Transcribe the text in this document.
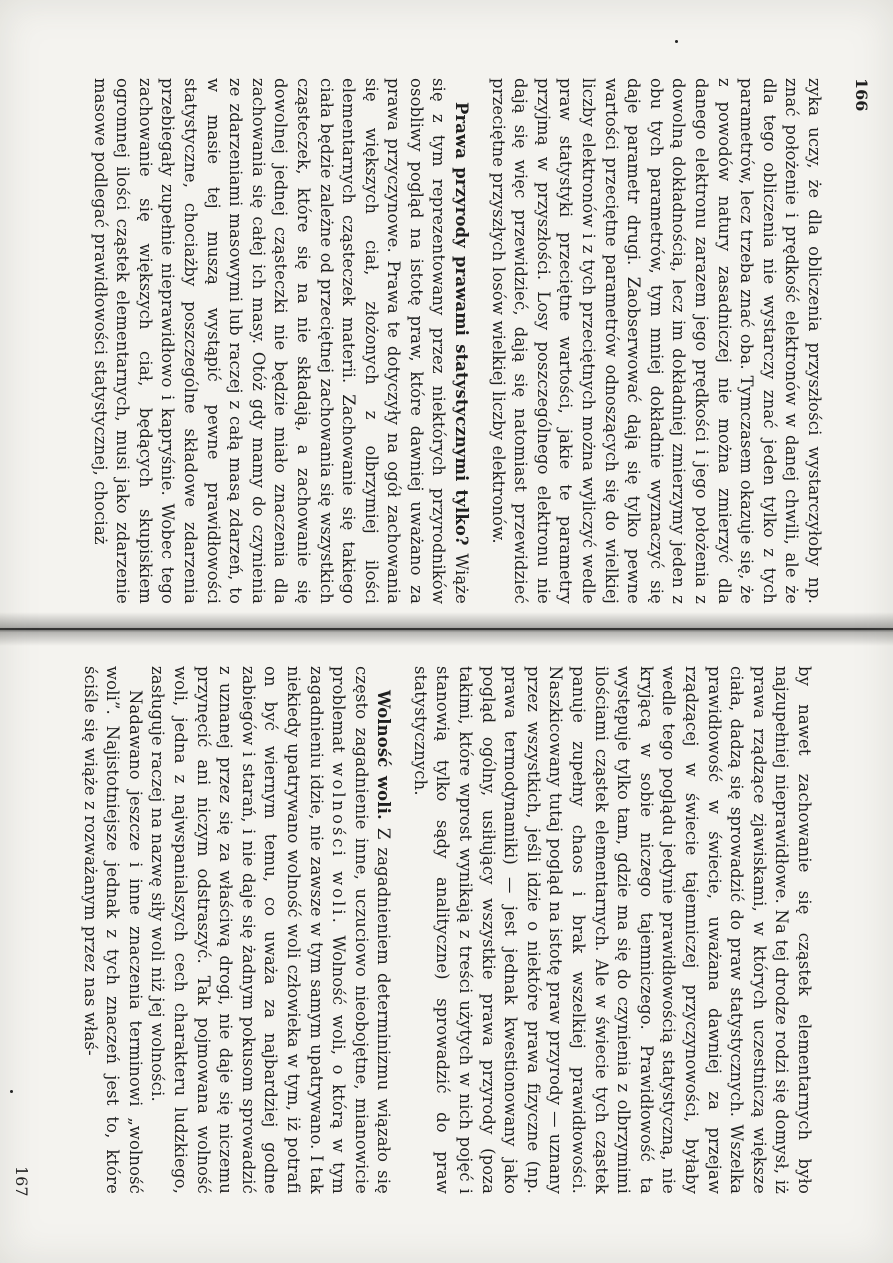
166

zyka uczy, że dla obliczenia przyszłości wystarczyłoby np. znać położenie i prędkość elektronów w danej chwili, ale że dla tego obliczenia nie wystarczy znać jeden tylko z tych parametrów, lecz trzeba znać oba. Tymczasem okazuje się, że z powodów natury zasadniczej nie można zmierzyć dla danego elektronu zarazem jego prędkości i jego położenia z dowolną dokładnością, lecz im dokładniej zmierzymy jeden z obu tych parametrów, tym mniej dokładnie wyznaczyć się daje parametr drugi. Zaobserwować dają się tylko pewne wartości przeciętne parametrów odnoszących się do wielkiej liczby elektronów i z tych przeciętnych można wyliczyć wedle praw statystyki przeciętne wartości, jakie te parametry przyjmą w przyszłości. Losy poszczególnego elektronu nie dają się więc przewidzieć, dają się natomiast przewidzieć przeciętne przyszłych losów wielkiej liczby elektronów.

Prawa przyrody prawami statystycznymi tylko? Wiąże się z tym reprezentowany przez niektórych przyrodników osobliwy pogląd na istotę praw, które dawniej uważano za prawa przyczynowe. Prawa te dotyczyły na ogół zachowania się większych ciał, złożonych z olbrzymiej ilości elementarnych cząsteczek materii. Zachowanie się takiego ciała będzie zależne od przeciętnej zachowania się wszystkich cząsteczek, które się na nie składają, a zachowanie się dowolnej jednej cząsteczki nie będzie miało znaczenia dla zachowania się całej ich masy. Otóż gdy mamy do czynienia ze zdarzeniami masowymi lub raczej z całą masą zdarzeń, to w masie tej muszą wystąpić pewne prawidłowości statystyczne, chociażby poszczególne składowe zdarzenia przebiegały zupełnie nieprawidłowo i kapryśnie. Wobec tego zachowanie się większych ciał, będących skupiskiem ogromnej ilości cząstek elementarnych, musi jako zdarzenie masowe podlegać prawidłowości statystycznej, chociaż

by nawet zachowanie się cząstek elementarnych było najzupełniej nieprawidłowe. Na tej drodze rodzi się domysł, iż prawa rządzące zjawiskami, w których uczestniczą większe ciała, dadzą się sprowadzić do praw statystycznych. Wszelka prawidłowość w świecie, uważana dawniej za przejaw rządzącej w świecie tajemniczej przyczynowości, byłaby wedle tego poglądu jedynie prawidłowością statystyczną, nie kryjącą w sobie niczego tajemniczego. Prawidłowość ta występuje tylko tam, gdzie ma się do czynienia z olbrzymimi ilościami cząstek elementarnych. Ale w świecie tych cząstek panuje zupełny chaos i brak wszelkiej prawidłowości. Naszkicowany tutaj pogląd na istotę praw przyrody — uznany przez wszystkich, jeśli idzie o niektóre prawa fizyczne (np. prawa termodynamiki) — jest jednak kwestionowany jako pogląd ogólny, usiłujący wszystkie prawa przyrody (poza takimi, które wprost wynikają z treści użytych w nich pojęć i stanowią tylko sądy analityczne) sprowadzić do praw statystycznych.

Wolność woli. Z zagadnieniem determinizmu wiązało się często zagadnienie inne, uczuciowo nieobojętne, mianowicie problemat wolności woli. Wolność woli, o którą w tym zagadnieniu idzie, nie zawsze w tym samym upatrywano. I tak niekiedy upatrywano wolność woli człowieka w tym, iż potrafi on być wiernym temu, co uważa za najbardziej godne zabiegów i starań, i nie daje się żadnym pokusom sprowadzić z uznanej przez się za właściwą drogi, nie daje się niczemu przynęcić ani niczym odstraszyć. Tak pojmowana wolność woli, jedna z najwspanialszych cech charakteru ludzkiego, zasługuje raczej na nazwę siły woli niż jej wolności.

Nadawano jeszcze i inne znaczenia terminowi „wolność woli”. Najistotniejsze jednak z tych znaczeń jest to, które ściśle się wiąże z rozważanym przez nas właś-

167
